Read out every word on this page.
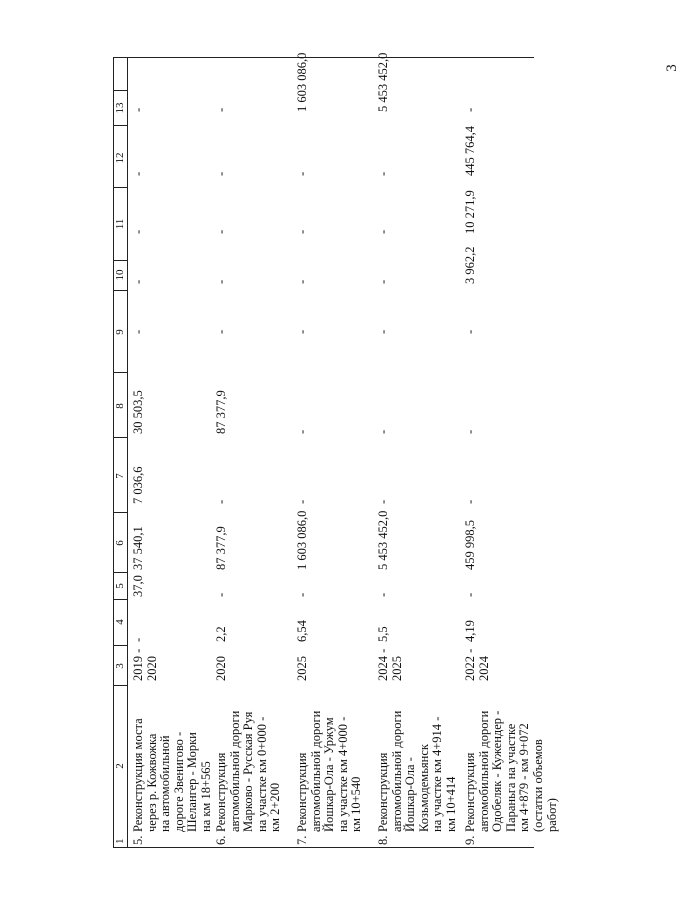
3
1
2
3
4
5
6
7
8
9
10
11
12
13
5.
Реконструкция моста через р. Кожвожка на автомобильной дороге Звенигово - Шелангер - Морки на км 18+565
2019 - 2020
-
37,0
37 540,1
7 036,6
30 503,5
-
-
-
-
-
6.
Реконструкция автомобильной дороги Марково - Русская Руя на участке км 0+000 - км 2+200
2020
2,2
-
87 377,9
-
87 377,9
-
-
-
-
-
7.
Реконструкция автомобильной дороги Йошкар-Ола - Уржум на участке км 4+000 - км 10+540
2025
6,54
-
1 603 086,0
-
-
-
-
-
-
1 603 086,0
8.
Реконструкция автомобильной дороги Йошкар-Ола - Козьмодемьянск на участке км 4+914 - км 10+414
2024 - 2025
5,5
-
5 453 452,0
-
-
-
-
-
-
5 453 452,0
9.
Реконструкция автомобильной дороги Одобеляк - Кужендер - Параньга на участке км 4+879 - км 9+072 (остатки объемов работ)
2022 - 2024
4,19
-
459 998,5
-
-
-
3 962,2
10 271,9
445 764,4
-
